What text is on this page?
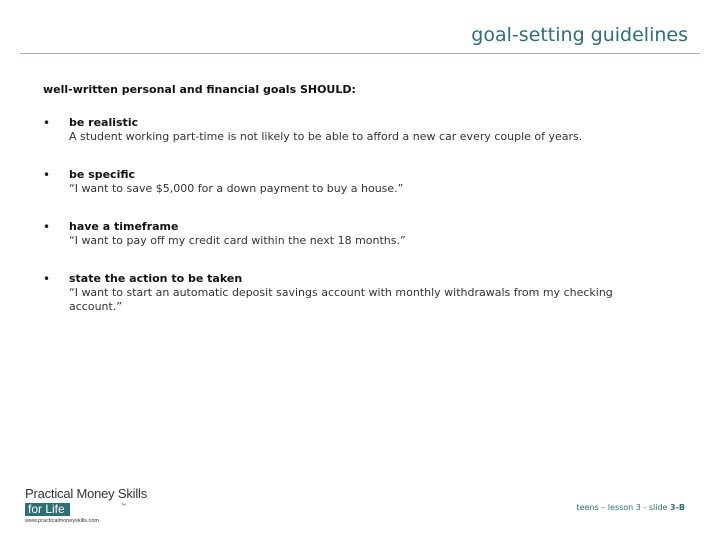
goal-setting guidelines
well-written personal and financial goals SHOULD:
•	be realistic
A student working part-time is not likely to be able to afford a new car every couple of years.
•	be specific
“I want to save $5,000 for a down payment to buy a house.”
•	have a timeframe
“I want to pay off my credit card within the next 18 months.”
•	state the action to be taken
“I want to start an automatic deposit savings account with monthly withdrawals from my checking account.”
Practical Money Skills
for Life	™
www.practicalmoneyskills.com
teens – lesson 3 - slide 3-B
